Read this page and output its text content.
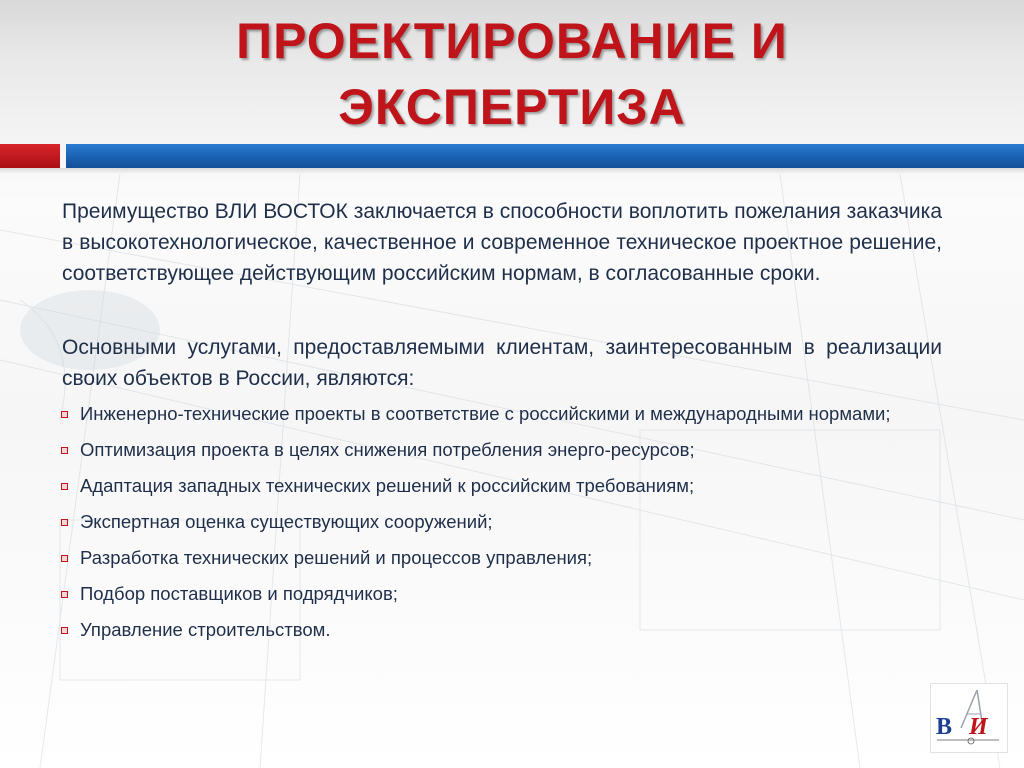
ПРОЕКТИРОВАНИЕ И
ЭКСПЕРТИЗА

Преимущество ВЛИ ВОСТОК заключается в способности воплотить пожелания заказчика в высокотехнологическое, качественное и современное техническое проектное решение, соответствующее действующим российским нормам, в согласованные сроки.

Основными услугами, предоставляемыми клиентам, заинтересованным в реализации своих объектов в России, являются:

Инженерно-технические проекты в соответствие с российскими и международными нормами;
Оптимизация проекта в целях снижения потребления энерго-ресурсов;
Адаптация западных технических решений к российским требованиям;
Экспертная оценка существующих сооружений;
Разработка технических решений и процессов управления;
Подбор поставщиков и подрядчиков;
Управление строительством.
В И
